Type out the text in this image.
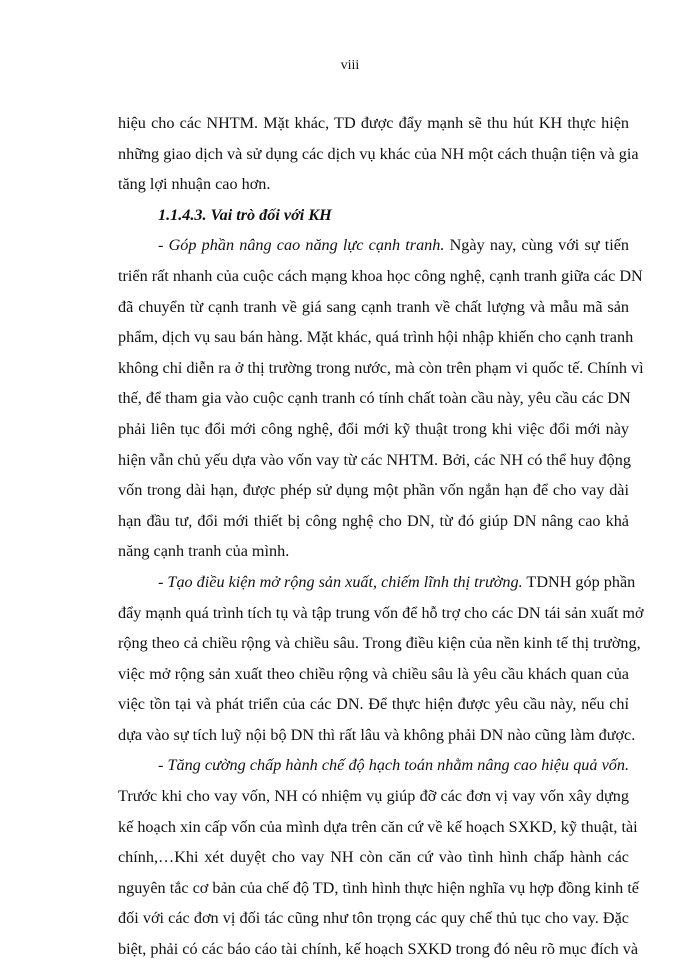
viii
hiệu cho các NHTM. Mặt khác, TD được đẩy mạnh sẽ thu hút KH thực hiện
những giao dịch và sử dụng các dịch vụ khác của NH một cách thuận tiện và gia
tăng lợi nhuận cao hơn.
1.1.4.3. Vai trò đối với KH
- Góp phần nâng cao năng lực cạnh tranh. Ngày nay, cùng với sự tiến
triển rất nhanh của cuộc cách mạng khoa học công nghệ, cạnh tranh giữa các DN
đã chuyển từ cạnh tranh về giá sang cạnh tranh về chất lượng và mẫu mã sản
phẩm, dịch vụ sau bán hàng. Mặt khác, quá trình hội nhập khiến cho cạnh tranh
không chỉ diễn ra ở thị trường trong nước, mà còn trên phạm vi quốc tế. Chính vì
thế, để tham gia vào cuộc cạnh tranh có tính chất toàn cầu này, yêu cầu các DN
phải liên tục đổi mới công nghệ, đổi mới kỹ thuật trong khi việc đổi mới này
hiện vẫn chủ yếu dựa vào vốn vay từ các NHTM. Bởi, các NH có thể huy động
vốn trong dài hạn, được phép sử dụng một phần vốn ngắn hạn để cho vay dài
hạn đầu tư, đổi mới thiết bị công nghệ cho DN, từ đó giúp DN nâng cao khả
năng cạnh tranh của mình.
- Tạo điều kiện mở rộng sản xuất, chiếm lĩnh thị trường. TDNH góp phần
đẩy mạnh quá trình tích tụ và tập trung vốn để hỗ trợ cho các DN tái sản xuất mở
rộng theo cả chiều rộng và chiều sâu. Trong điều kiện của nền kinh tế thị trường,
việc mở rộng sản xuất theo chiều rộng và chiều sâu là yêu cầu khách quan của
việc tồn tại và phát triển của các DN. Để thực hiện được yêu cầu này, nếu chỉ
dựa vào sự tích luỹ nội bộ DN thì rất lâu và không phải DN nào cũng làm được.
- Tăng cường chấp hành chế độ hạch toán nhằm nâng cao hiệu quả vốn.
Trước khi cho vay vốn, NH có nhiệm vụ giúp đỡ các đơn vị vay vốn xây dựng
kế hoạch xin cấp vốn của mình dựa trên căn cứ về kế hoạch SXKD, kỹ thuật, tài
chính,…Khi xét duyệt cho vay NH còn căn cứ vào tình hình chấp hành các
nguyên tắc cơ bản của chế độ TD, tình hình thực hiện nghĩa vụ hợp đồng kinh tế
đối với các đơn vị đối tác cũng như tôn trọng các quy chế thủ tục cho vay. Đặc
biệt, phải có các báo cáo tài chính, kế hoạch SXKD trong đó nêu rõ mục đích và
